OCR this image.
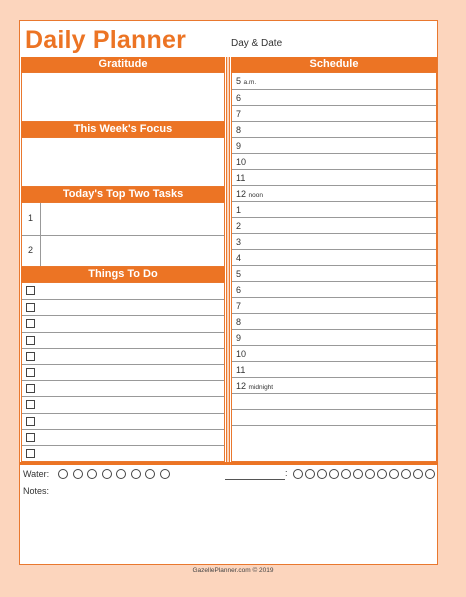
Daily Planner	Day & Date
Gratitude
This Week's Focus
Today's Top Two Tasks
1
2
Things To Do
Schedule
5 a.m.
6
7
8
9
10
11
12 noon
1
2
3
4
5
6
7
8
9
10
11
12 midnight
Water:	:
Notes:
GazellePlanner.com © 2019
